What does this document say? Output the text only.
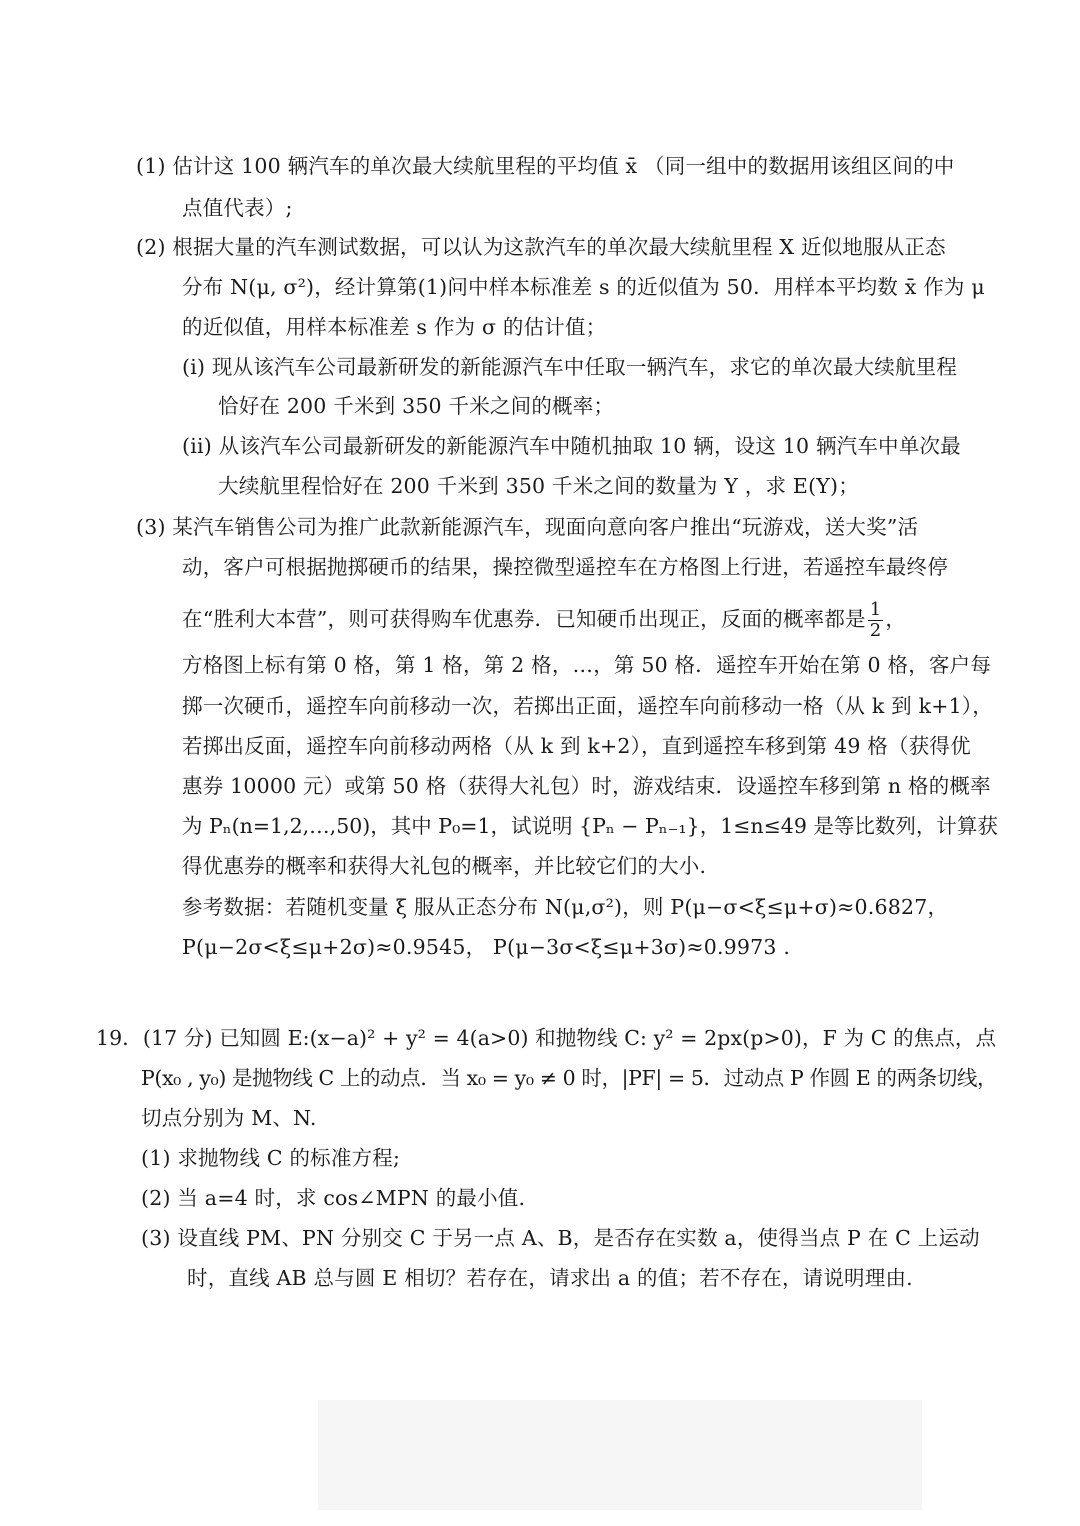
(1) 估计这 100 辆汽车的单次最大续航里程的平均值 x̄ （同一组中的数据用该组区间的中
点值代表）;
(2) 根据大量的汽车测试数据，可以认为这款汽车的单次最大续航里程 X 近似地服从正态
分布 N(μ, σ²)，经计算第(1)问中样本标准差 s 的近似值为 50．用样本平均数 x̄ 作为 μ
的近似值，用样本标准差 s 作为 σ 的估计值；
(i) 现从该汽车公司最新研发的新能源汽车中任取一辆汽车，求它的单次最大续航里程
恰好在 200 千米到 350 千米之间的概率；
(ii) 从该汽车公司最新研发的新能源汽车中随机抽取 10 辆，设这 10 辆汽车中单次最
大续航里程恰好在 200 千米到 350 千米之间的数量为 Y ，求 E(Y)；
(3) 某汽车销售公司为推广此款新能源汽车，现面向意向客户推出“玩游戏，送大奖”活
动，客户可根据抛掷硬币的结果，操控微型遥控车在方格图上行进，若遥控车最终停
在“胜利大本营”，则可获得购车优惠券．已知硬币出现正，反面的概率都是 $\frac{1}{2}$ ，
方格图上标有第 0 格，第 1 格，第 2 格，…，第 50 格．遥控车开始在第 0 格，客户每
掷一次硬币，遥控车向前移动一次，若掷出正面，遥控车向前移动一格（从 k 到 k+1），
若掷出反面，遥控车向前移动两格（从 k 到 k+2），直到遥控车移到第 49 格（获得优
惠券 10000 元）或第 50 格（获得大礼包）时，游戏结束．设遥控车移到第 n 格的概率
为 Pₙ(n=1,2,…,50)，其中 P₀=1，试说明 {Pₙ − Pₙ₋₁}，1≤n≤49 是等比数列，计算获
得优惠券的概率和获得大礼包的概率，并比较它们的大小.
参考数据：若随机变量 ξ 服从正态分布 N(μ,σ²)，则 P(μ−σ<ξ≤μ+σ)≈0.6827，
P(μ−2σ<ξ≤μ+2σ)≈0.9545， P(μ−3σ<ξ≤μ+3σ)≈0.9973 .
19．(17 分) 已知圆 E:(x−a)² + y² = 4(a>0) 和抛物线 C: y² = 2px(p>0)，F 为 C 的焦点，点
P(x₀ , y₀) 是抛物线 C 上的动点．当 x₀ = y₀ ≠ 0 时，|PF| = 5．过动点 P 作圆 E 的两条切线，
切点分别为 M、N.
(1) 求抛物线 C 的标准方程;
(2) 当 a=4 时，求 cos∠MPN 的最小值.
(3) 设直线 PM、PN 分别交 C 于另一点 A、B，是否存在实数 a，使得当点 P 在 C 上运动
时，直线 AB 总与圆 E 相切？若存在，请求出 a 的值；若不存在，请说明理由.
